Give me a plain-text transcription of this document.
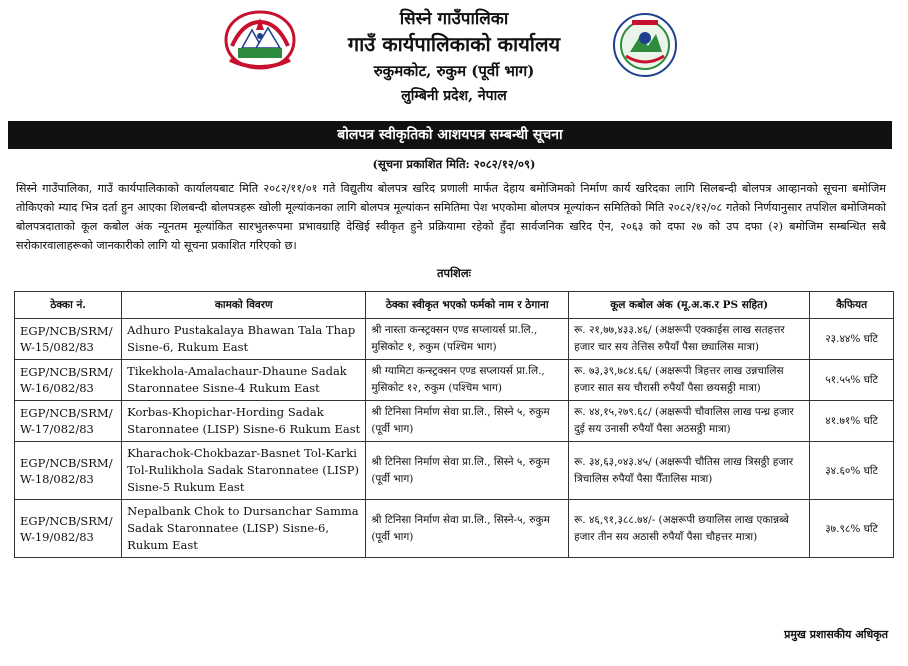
सिस्ने गाउँपालिका
गाउँ कार्यपालिकाको कार्यालय
रुकुमकोट, रुकुम (पूर्वी भाग)
लुम्बिनी प्रदेश, नेपाल
बोलपत्र स्वीकृतिको आशयपत्र सम्बन्धी सूचना
(सूचना प्रकाशित मिति: २०८२/१२/०९)
सिस्ने गाउँपालिका, गाउँ कार्यपालिकाको कार्यालयबाट मिति २०८२/११/०१ गते विद्युतीय बोलपत्र खरिद प्रणाली मार्फत देहाय बमोजिमको निर्माण कार्य खरिदका लागि सिलबन्दी बोलपत्र आव्हानको सूचना बमोजिम तोकिएको म्याद भित्र दर्ता हुन आएका शिलबन्दी बोलपत्रहरू खोली मूल्यांकनका लागि बोलपत्र मूल्यांकन समितिमा पेश भएकोमा बोलपत्र मूल्यांकन समितिको मिति २०८२/१२/०८ गतेको निर्णयानुसार तपशिल बमोजिमको बोलपत्रदाताको कूल कबोल अंक न्यूनतम मूल्यांकित सारभुतरूपमा प्रभावग्राहि देखिई स्वीकृत हुने प्रक्रियामा रहेको हुँदा सार्वजनिक खरिद ऐन, २०६३ को दफा २७ को उप दफा (२) बमोजिम सम्बन्धित सबै सरोकारवालाहरूको जानकारीको लागि यो सूचना प्रकाशित गरिएको छ।
तपशिलः
ठेक्का नं.	कामको विवरण	ठेक्का स्वीकृत भएको फर्मको नाम र ठेगाना	कूल कबोल अंक (मू.अ.क.र PS सहित)	कैफियत
EGP/NCB/SRM/ W-15/082/83	Adhuro Pustakalaya Bhawan Tala Thap Sisne-6, Rukum East	श्री नास्ता कन्स्ट्रक्सन एण्ड सप्लायर्स प्रा.लि., मुसिकोट १, रुकुम (पश्चिम भाग)	रू. २१,७७,४३३.४६/ (अक्षरूपी एक्काईस लाख सतहत्तर हजार चार सय तेत्तिस रुपैयाँ पैसा छ्यालिस मात्रा)	२३.४४% घटि
EGP/NCB/SRM/ W-16/082/83	Tikekhola-Amalachaur-Dhaune Sadak Staronnatee Sisne-4 Rukum East	श्री ग्यामिटा कन्स्ट्रक्सन एण्ड सप्लायर्स प्रा.लि., मुसिकोट १२, रुकुम (पश्चिम भाग)	रू. ७३,३९,७८४.६६/ (अक्षरूपी त्रिहत्तर लाख उन्नचालिस हजार सात सय चौरासी रुपैयाँ पैसा छयसठ्ठी मात्रा)	५१.५५% घटि
EGP/NCB/SRM/ W-17/082/83	Korbas-Khopichar-Hording Sadak Staronnatee (LISP) Sisne-6 Rukum East	श्री टिनिसा निर्माण सेवा प्रा.लि., सिस्ने ५, रुकुम (पूर्वी भाग)	रू. ४४,१५,२७९.६८/ (अक्षरूपी चौवालिस लाख पन्ध्र हजार दुई सय उनासी रुपैयाँ पैसा अठसठ्ठी मात्रा)	४१.७१% घटि
EGP/NCB/SRM/ W-18/082/83	Kharachok-Chokbazar-Basnet Tol-Karki Tol-Rulikhola Sadak Staronnatee (LISP) Sisne-5 Rukum East	श्री टिनिसा निर्माण सेवा प्रा.लि., सिस्ने ५, रुकुम (पूर्वी भाग)	रू. ३४,६३,०४३.४५/ (अक्षरूपी चौतिस लाख त्रिसठ्ठी हजार त्रिचालिस रुपैयाँ पैसा पैँतालिस मात्रा)	३४.६०% घटि
EGP/NCB/SRM/ W-19/082/83	Nepalbank Chok to Dursanchar Samma Sadak Staronnatee (LISP) Sisne-6, Rukum East	श्री टिनिसा निर्माण सेवा प्रा.लि., सिस्ने-५, रुकुम (पूर्वी भाग)	रू. ४६,९१,३८८.७४/- (अक्षरूपी छयालिस लाख एकान्नब्बे हजार तीन सय अठासी रुपैयाँ पैसा चौहत्तर मात्रा)	३७.९८% घटि
प्रमुख प्रशासकीय अधिकृत
